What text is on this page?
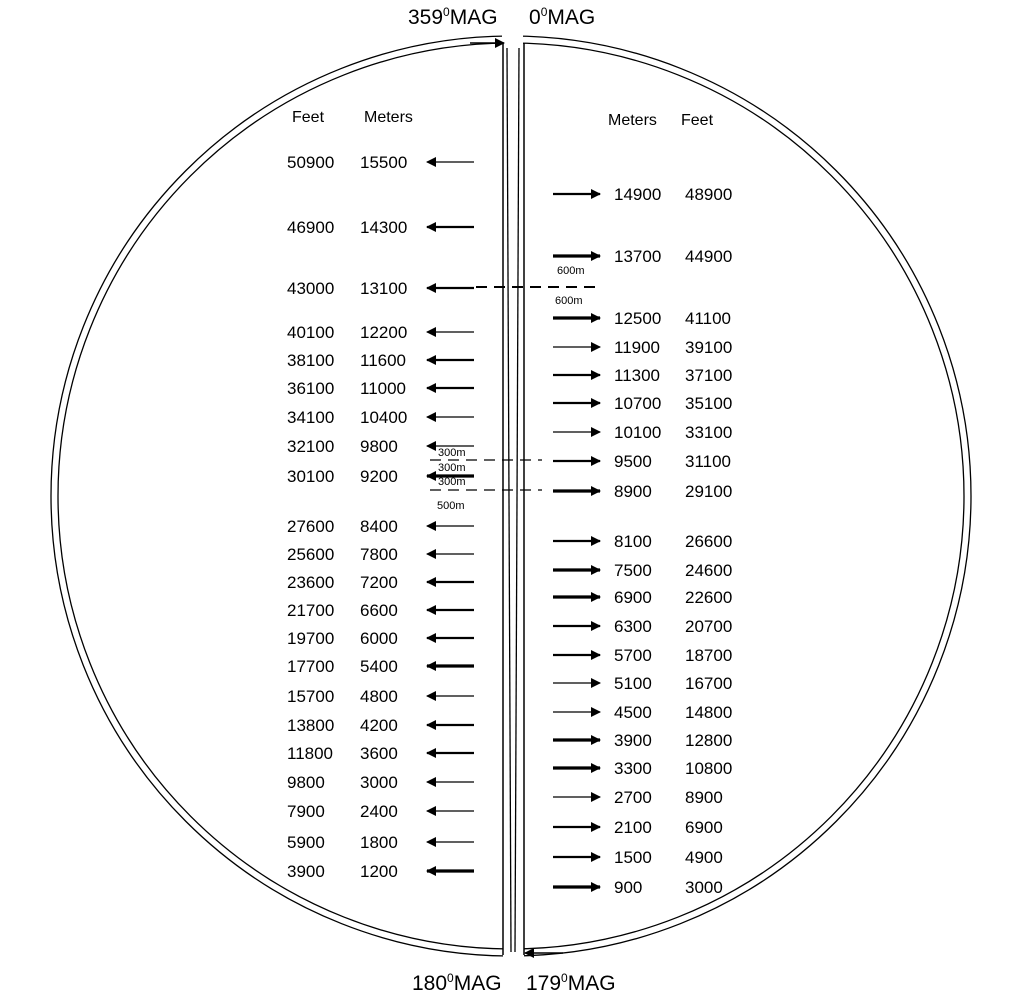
$359^0MAG$ $0^0MAG$
$180^0MAG$ $179^0MAG$
Feet Meters	Meters Feet
600m
600m
300m
300m
300m
500m
50900 15500
46900 14300
43000 13100
40100 12200
38100 11600
36100 11000
34100 10400
32100 9800
30100 9200
27600 8400
25600 7800
23600 7200
21700 6600
19700 6000
17700 5400
15700 4800
13800 4200
11800 3600
9800 3000
7900 2400
5900 1800
3900 1200
14900 48900
13700 44900
12500 41100
11900 39100
11300 37100
10700 35100
10100 33100
9500 31100
8900 29100
8100 26600
7500 24600
6900 22600
6300 20700
5700 18700
5100 16700
4500 14800
3900 12800
3300 10800
2700 8900
2100 6900
1500 4900
900	3000
